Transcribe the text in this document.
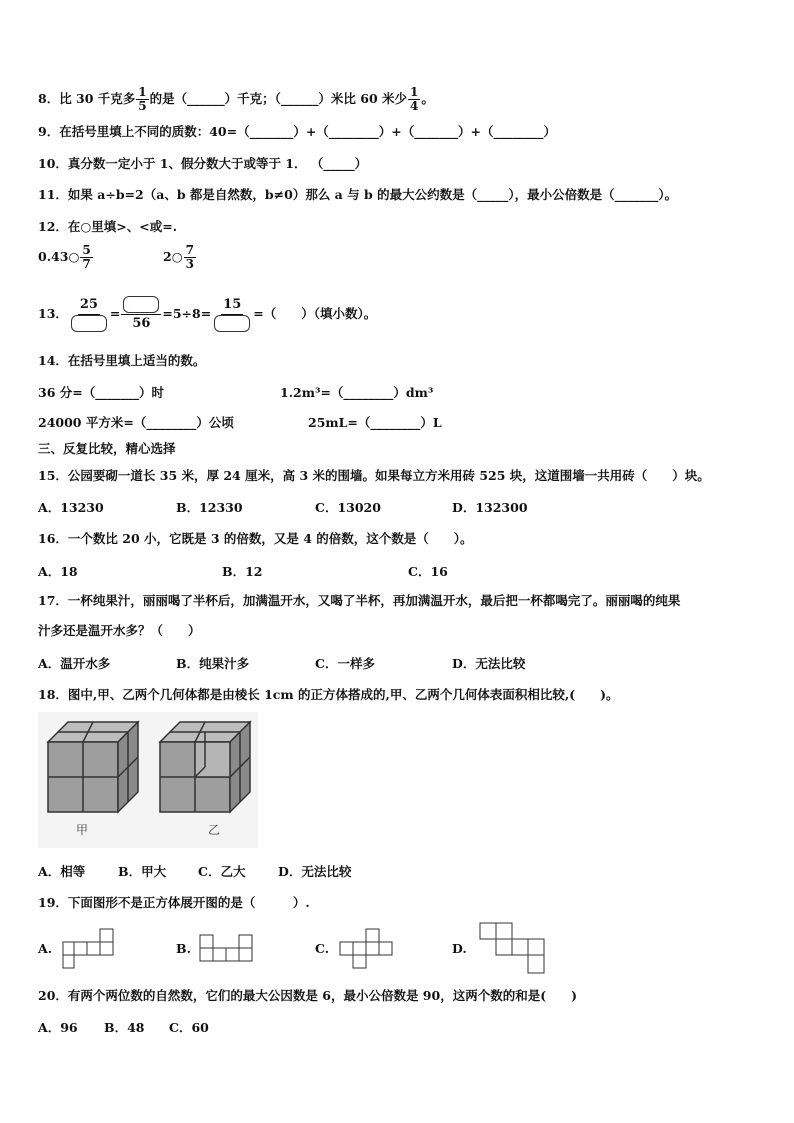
8．比 30 千克多 $\frac{1}{5}$ 的是（______）千克；（______）米比 60 米少 $\frac{1}{4}$ 。
9．在括号里填上不同的质数：40=（_______）+（________）+（_______）+（________）
10．真分数一定小于 1、假分数大于或等于 1． （_____）
11．如果 a÷b=2（a、b 都是自然数，b≠0）那么 a 与 b 的最大公约数是（_____），最小公倍数是（_______）。
12．在○里填>、<或=.
0.43○ $\frac{5}{7}$	2○ $\frac{7}{3}$
13．
25
=
56
=5÷8=
15
=（　　）（填小数）。
14．在括号里填上适当的数。
36 分=（_______）时	1.2m³=（________）dm³
24000 平方米=（________）公顷	25mL=（________）L
三、反复比较，精心选择
15．公园要砌一道长 35 米，厚 24 厘米，高 3 米的围墙。如果每立方米用砖 525 块，这道围墙一共用砖（　　）块。
A．13230	B．12330	C．13020	D．132300
16．一个数比 20 小，它既是 3 的倍数，又是 4 的倍数，这个数是（　　）。
A．18	B．12	C．16
17．一杯纯果汁，丽丽喝了半杯后，加满温开水，又喝了半杯，再加满温开水，最后把一杯都喝完了。丽丽喝的纯果
汁多还是温开水多？（　　）
A．温开水多	B．纯果汁多	C．一样多	D．无法比较
18．图中,甲、乙两个几何体都是由棱长 1cm 的正方体搭成的,甲、乙两个几何体表面积相比较,(　　)。
甲	乙
A．相等	B．甲大	C．乙大	D．无法比较
19．下面图形不是正方体展开图的是（　　　）.
A.	B.	C.	D.
20．有两个两位数的自然数，它们的最大公因数是 6，最小公倍数是 90，这两个数的和是(　　)
A．96 B．48 C．60
